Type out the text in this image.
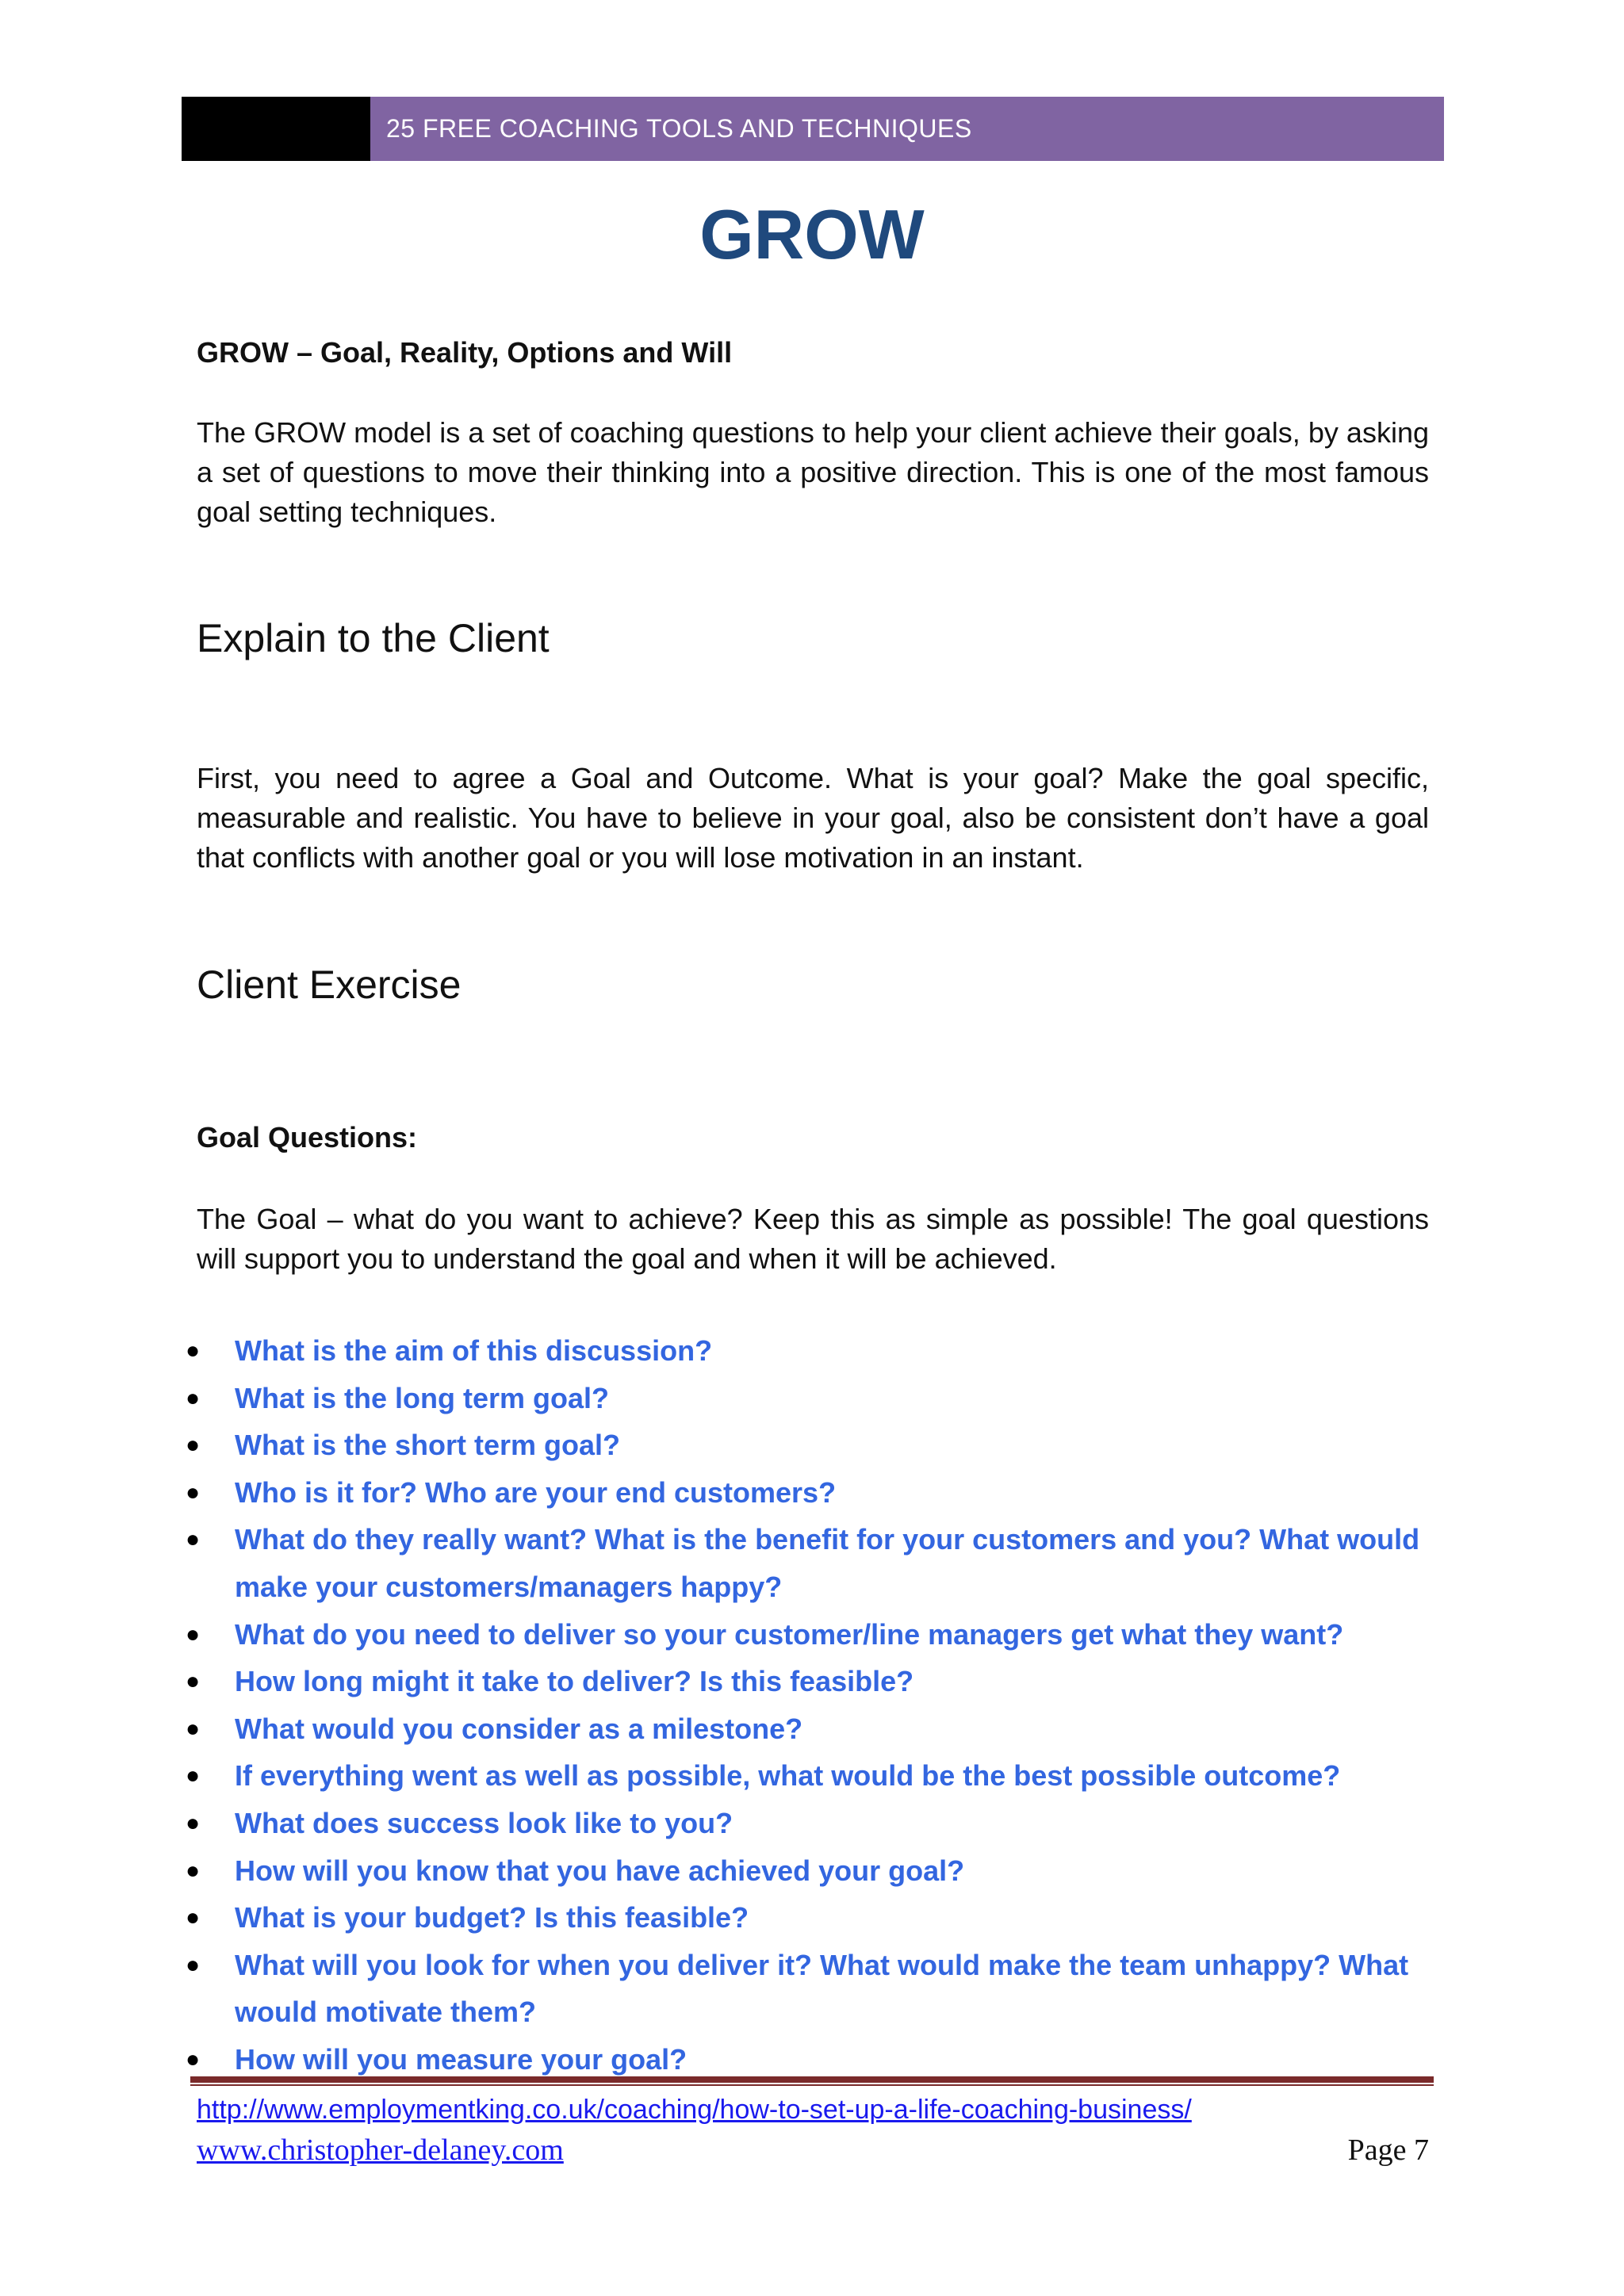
25 FREE COACHING TOOLS AND TECHNIQUES
GROW
GROW – Goal, Reality, Options and Will
The GROW model is a set of coaching questions to help your client achieve their goals, by asking a set of questions to move their thinking into a positive direction. This is one of the most famous goal setting techniques.
Explain to the Client
First, you need to agree a Goal and Outcome. What is your goal? Make the goal specific, measurable and realistic. You have to believe in your goal, also be consistent don’t have a goal that conflicts with another goal or you will lose motivation in an instant.
Client Exercise
Goal Questions:
The Goal – what do you want to achieve? Keep this as simple as possible! The goal questions will support you to understand the goal and when it will be achieved.
● What is the aim of this discussion?
● What is the long term goal?
● What is the short term goal?
● Who is it for? Who are your end customers?
● What do they really want? What is the benefit for your customers and you? What would make your customers/managers happy?
● What do you need to deliver so your customer/line managers get what they want?
● How long might it take to deliver? Is this feasible?
● What would you consider as a milestone?
● If everything went as well as possible, what would be the best possible outcome?
● What does success look like to you?
● How will you know that you have achieved your goal?
● What is your budget? Is this feasible?
● What will you look for when you deliver it? What would make the team unhappy? What would motivate them?
● How will you measure your goal?
http://www.employmentking.co.uk/coaching/how-to-set-up-a-life-coaching-business/
www.christopher-delaney.com	Page 7
